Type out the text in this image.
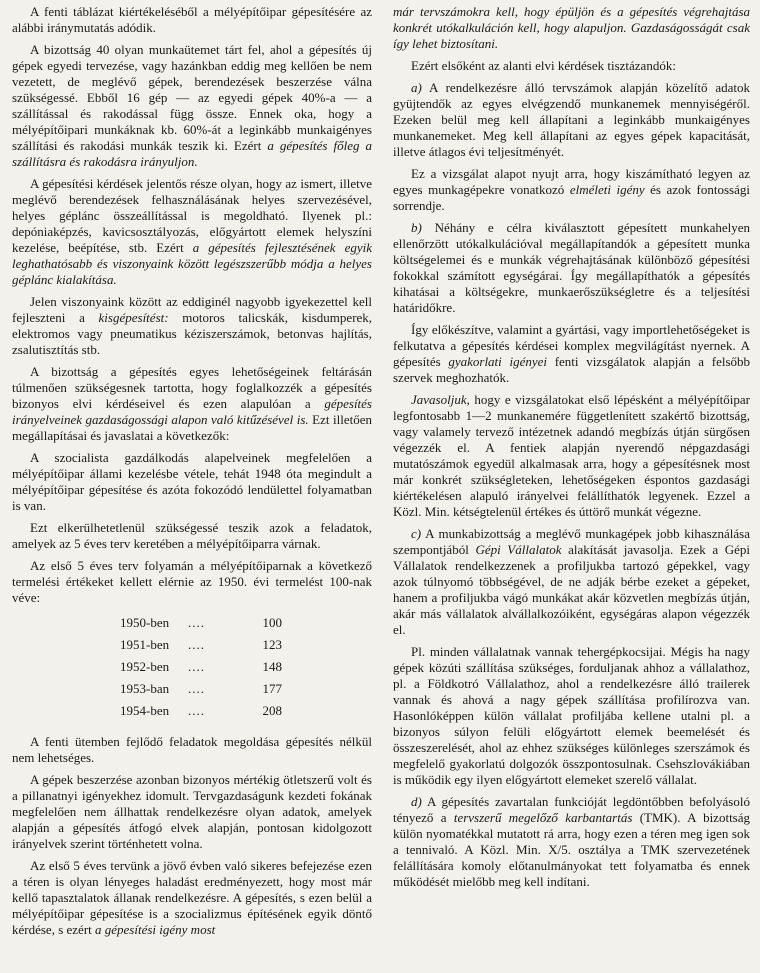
A fenti táblázat kiértékeléséből a mélyépítőipar gépesítésére az alábbi iránymutatás adódik.

A bizottság 40 olyan munkaütemet tárt fel, ahol a gépesítés új gépek egyedi tervezése, vagy hazánkban eddig meg kellően be nem vezetett, de meglévő gépek, berendezések beszerzése válna szükségessé. Ebből 16 gép — az egyedi gépek 40%-a — a szállítással és rakodással függ össze. Ennek oka, hogy a mélyépítőipari munkáknak kb. 60%-át a leginkább munkaigényes szállítási és rakodási munkák teszik ki. Ezért a gépesítés főleg a szállításra és rakodásra irányuljon.

A gépesítési kérdések jelentős része olyan, hogy az ismert, illetve meglévő berendezések felhasználásának helyes szervezésével, helyes géplánc összeállítással is megoldható. Ilyenek pl.: depóniaképzés, kavicsosztályozás, előgyártott elemek helyszíni kezelése, beépítése, stb. Ezért a gépesítés fejlesztésének egyik leghathatósabb és viszonyaink között legészszerűbb módja a helyes géplánc kialakítása.

Jelen viszonyaink között az eddiginél nagyobb igyekezettel kell fejleszteni a kisgépesítést: motoros talicskák, kisdumperek, elektromos vagy pneumatikus kéziszerszámok, betonvas hajlítás, zsalutisztítás stb.

A bizottság a gépesítés egyes lehetőségeinek feltárásán túlmenően szükségesnek tartotta, hogy foglalkozzék a gépesítés bizonyos elvi kérdéseivel és ezen alapulóan a gépesítés irányelveinek gazdaságossági alapon való kitűzésével is. Ezt illetően megállapításai és javaslatai a következők:

A szocialista gazdálkodás alapelveinek megfelelően a mélyépítőipar állami kezelésbe vétele, tehát 1948 óta megindult a mélyépítőipar gépesítése és azóta fokozódó lendülettel folyamatban is van.

Ezt elkerülhetetlenül szükségessé teszik azok a feladatok, amelyek az 5 éves terv keretében a mélyépítőiparra várnak.

Az első 5 éves terv folyamán a mélyépítőiparnak a következő termelési értékeket kellett elérnie az 1950. évi termelést 100-nak véve:

1950-ben	....	100
1951-ben	....	123
1952-ben	....	148
1953-ban	....	177
1954-ben	....	208

A fenti ütemben fejlődő feladatok megoldása gépesítés nélkül nem lehetséges.

A gépek beszerzése azonban bizonyos mértékig ötletszerű volt és a pillanatnyi igényekhez idomult. Tervgazdaságunk kezdeti fokának megfelelően nem állhattak rendelkezésre olyan adatok, amelyek alapján a gépesítés átfogó elvek alapján, pontosan kidolgozott irányelvek szerint történhetett volna.

Az első 5 éves tervünk a jövő évben való sikeres befejezése ezen a téren is olyan lényeges haladást eredményezett, hogy most már kellő tapasztalatok állanak rendelkezésre. A gépesítés, s ezen belül a mélyépítőipar gépesítése is a szocializmus építésének egyik döntő kérdése, s ezért a gépesítési igény most

már tervszámokra kell, hogy épüljön és a gépesítés végrehajtása konkrét utókalkuláción kell, hogy alapuljon. Gazdaságosságát csak így lehet biztosítani.

Ezért elsőként az alanti elvi kérdések tisztázandók:

a) A rendelkezésre álló tervszámok alapján közelítő adatok gyüjtendők az egyes elvégzendő munkanemek mennyiségéről. Ezeken belül meg kell állapítani a leginkább munkaigényes munkanemeket. Meg kell állapítani az egyes gépek kapacitását, illetve átlagos évi teljesítményét.

Ez a vizsgálat alapot nyujt arra, hogy kiszámítható legyen az egyes munkagépekre vonatkozó elméleti igény és azok fontossági sorrendje.

b) Néhány e célra kiválasztott gépesített munkahelyen ellenőrzött utókalkulációval megállapítandók a gépesített munka költségelemei és e munkák végrehajtásának különböző gépesítési fokokkal számított egységárai. Így megállapíthatók a gépesítés kihatásai a költségekre, munkaerőszükségletre és a teljesítési határidőkre.

Így előkészítve, valamint a gyártási, vagy importlehetőségeket is felkutatva a gépesítés kérdései komplex megvilágítást nyernek. A gépesítés gyakorlati igényei fenti vizsgálatok alapján a felsőbb szervek meghozhatók.

Javasoljuk, hogy e vizsgálatokat első lépésként a mélyépítőipar legfontosabb 1—2 munkanemére függetlenített szakértő bizottság, vagy valamely tervező intézetnek adandó megbízás útján sürgősen végezzék el. A fentiek alapján nyerendő népgazdasági mutatószámok egyedül alkalmasak arra, hogy a gépesítésnek most már konkrét szükségleteken, lehetőségeken éspontos gazdasági kiértékelésen alapuló irányelvei felállíthatók legyenek. Ezzel a Közl. Min. kétségtelenül értékes és úttörő munkát végezne.

c) A munkabizottság a meglévő munkagépek jobb kihasználása szempontjából Gépi Vállalatok alakítását javasolja. Ezek a Gépi Vállalatok rendelkezzenek a profiljukba tartozó gépekkel, vagy azok túlnyomó többségével, de ne adják bérbe ezeket a gépeket, hanem a profiljukba vágó munkákat akár közvetlen megbízás útján, akár más vállalatok alvállalkozóiként, egységáras alapon végezzék el.

Pl. minden vállalatnak vannak tehergépkocsijai. Mégis ha nagy gépek közúti szállítása szükséges, forduljanak ahhoz a vállalathoz, pl. a Földkotró Vállalathoz, ahol a rendelkezésre álló trailerek vannak és ahová a nagy gépek szállítása profilírozva van. Hasonlóképpen külön vállalat profiljába kellene utalni pl. a bizonyos súlyon felüli előgyártott elemek beemelését és összeszerelését, ahol az ehhez szükséges különleges szerszámok és megfelelő gyakorlatú dolgozók összpontosulnak. Csehszlovákiában is működik egy ilyen előgyártott elemeket szerelő vállalat.

d) A gépesítés zavartalan funkcióját legdöntőbben befolyásoló tényező a tervszerű megelőző karbantartás (TMK). A bizottság külön nyomatékkal mutatott rá arra, hogy ezen a téren meg igen sok a tennivaló. A Közl. Min. X/5. osztálya a TMK szervezetének felállítására komoly előtanulmányokat tett folyamatba és ennek működését mielőbb meg kell indítani.
